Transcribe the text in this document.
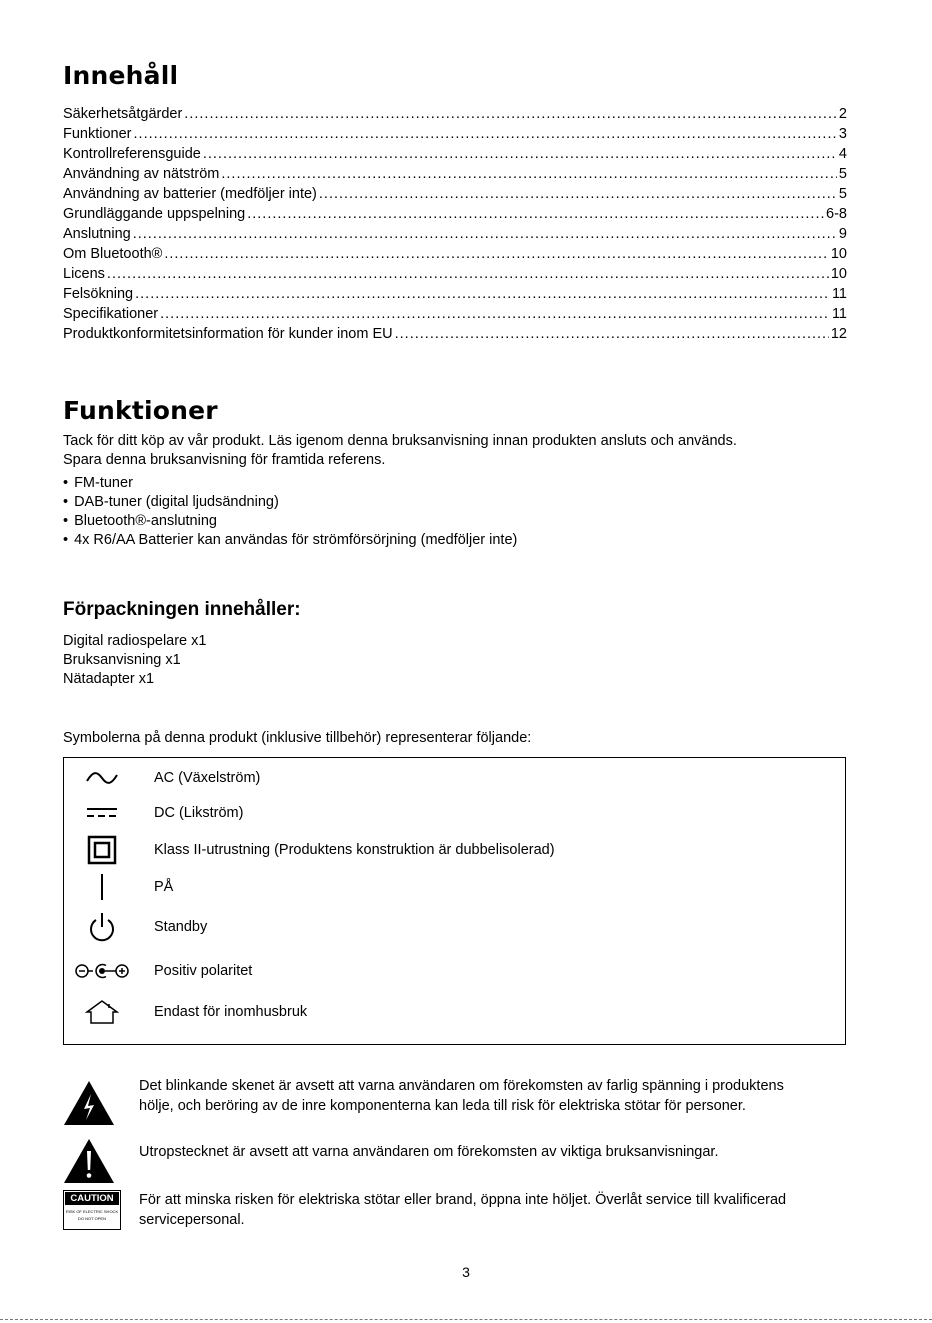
Innehåll
Säkerhetsåtgärder .....	2
Funktioner .....	3
Kontrollreferensguide .....	4
Användning av nätström .....	5
Användning av batterier (medföljer inte) .....	5
Grundläggande uppspelning .....	6-8
Anslutning .....	9
Om Bluetooth® .....	10
Licens .....	10
Felsökning .....	11
Specifikationer .....	11
Produktkonformitetsinformation för kunder inom EU .....	12
Funktioner
Tack för ditt köp av vår produkt. Läs igenom denna bruksanvisning innan produkten ansluts och används.
Spara denna bruksanvisning för framtida referens.
• FM-tuner
• DAB-tuner (digital ljudsändning)
• Bluetooth®-anslutning
• 4x R6/AA Batterier kan användas för strömförsörjning (medföljer inte)
Förpackningen innehåller:
Digital radiospelare x1
Bruksanvisning x1
Nätadapter x1
Symbolerna på denna produkt (inklusive tillbehör) representerar följande:
AC (Växelström)
DC (Likström)
Klass II-utrustning (Produktens konstruktion är dubbelisolerad)
PÅ
Standby
Positiv polaritet
Endast för inomhusbruk
Det blinkande skenet är avsett att varna användaren om förekomsten av farlig spänning i produktens
hölje, och beröring av de inre komponenterna kan leda till risk för elektriska stötar för personer.
Utropstecknet är avsett att varna användaren om förekomsten av viktiga bruksanvisningar.
CAUTION
RISK OF ELECTRIC SHOCK
DO NOT OPEN
För att minska risken för elektriska stötar eller brand, öppna inte höljet. Överlåt service till kvalificerad
servicepersonal.
3
